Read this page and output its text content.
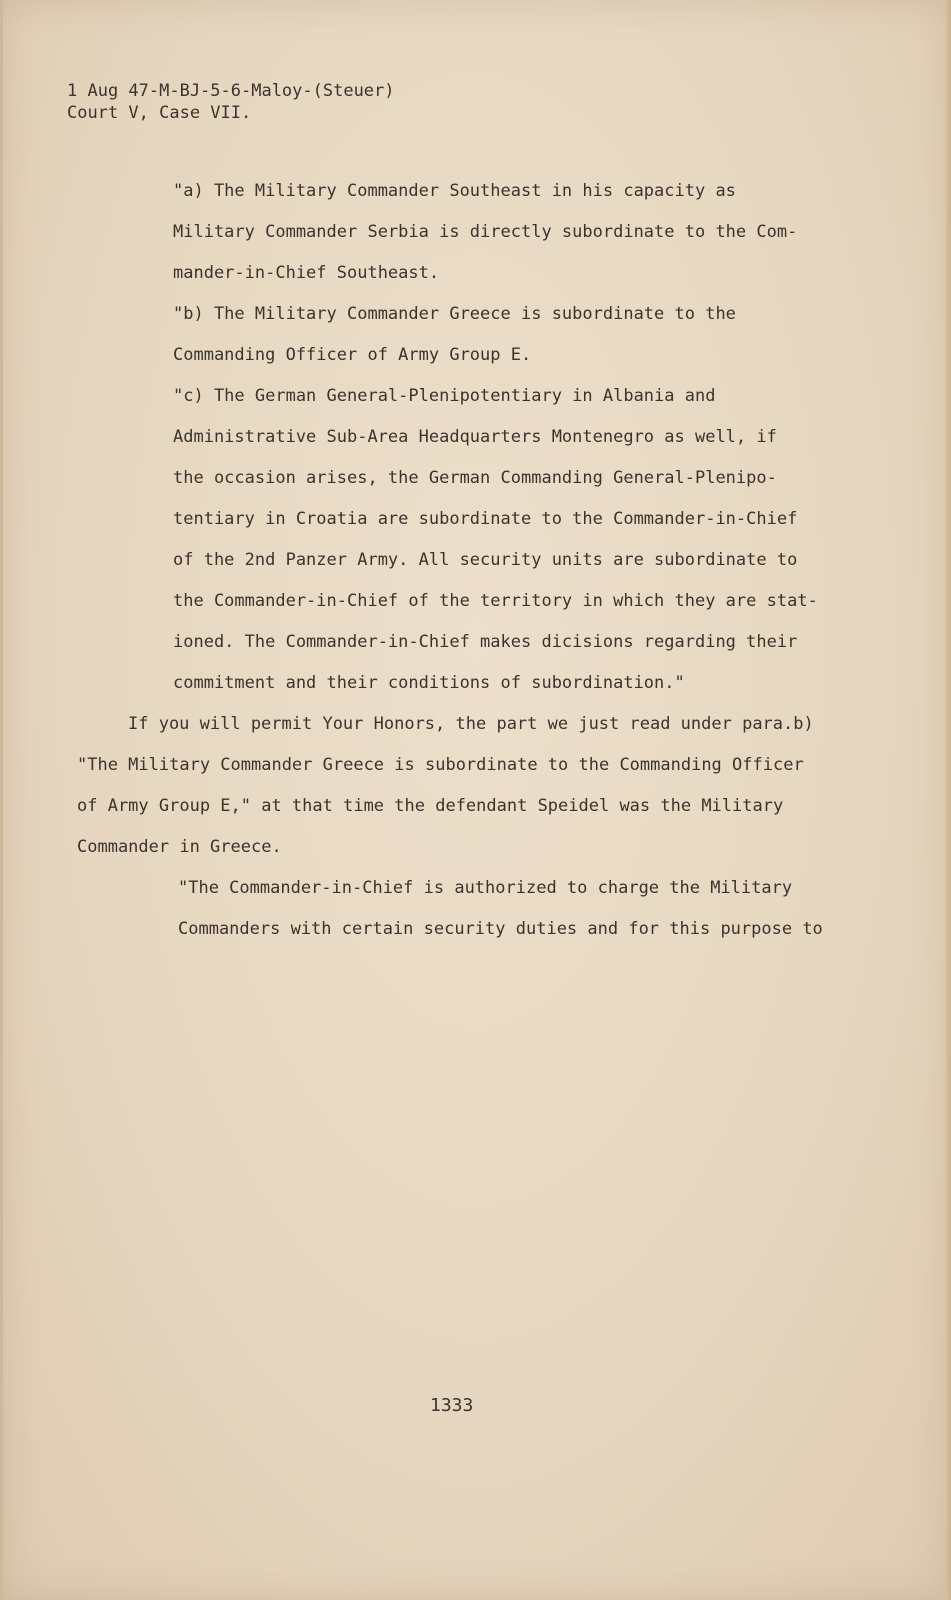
1 Aug 47-M-BJ-5-6-Maloy-(Steuer)
Court V, Case VII.
"a) The Military Commander Southeast in his capacity as
Military Commander Serbia is directly subordinate to the Com-
mander-in-Chief Southeast.
"b) The Military Commander Greece is subordinate to the
Commanding Officer of Army Group E.
"c) The German General-Plenipotentiary in Albania and
Administrative Sub-Area Headquarters Montenegro as well, if
the occasion arises, the German Commanding General-Plenipo-
tentiary in Croatia are subordinate to the Commander-in-Chief
of the 2nd Panzer Army. All security units are subordinate to
the Commander-in-Chief of the territory in which they are stat-
ioned. The Commander-in-Chief makes dicisions regarding their
commitment and their conditions of subordination."
If you will permit Your Honors, the part we just read under para.b)
"The Military Commander Greece is subordinate to the Commanding Officer
of Army Group E," at that time the defendant Speidel was the Military
Commander in Greece.
"The Commander-in-Chief is authorized to charge the Military
Commanders with certain security duties and for this purpose to
1333
